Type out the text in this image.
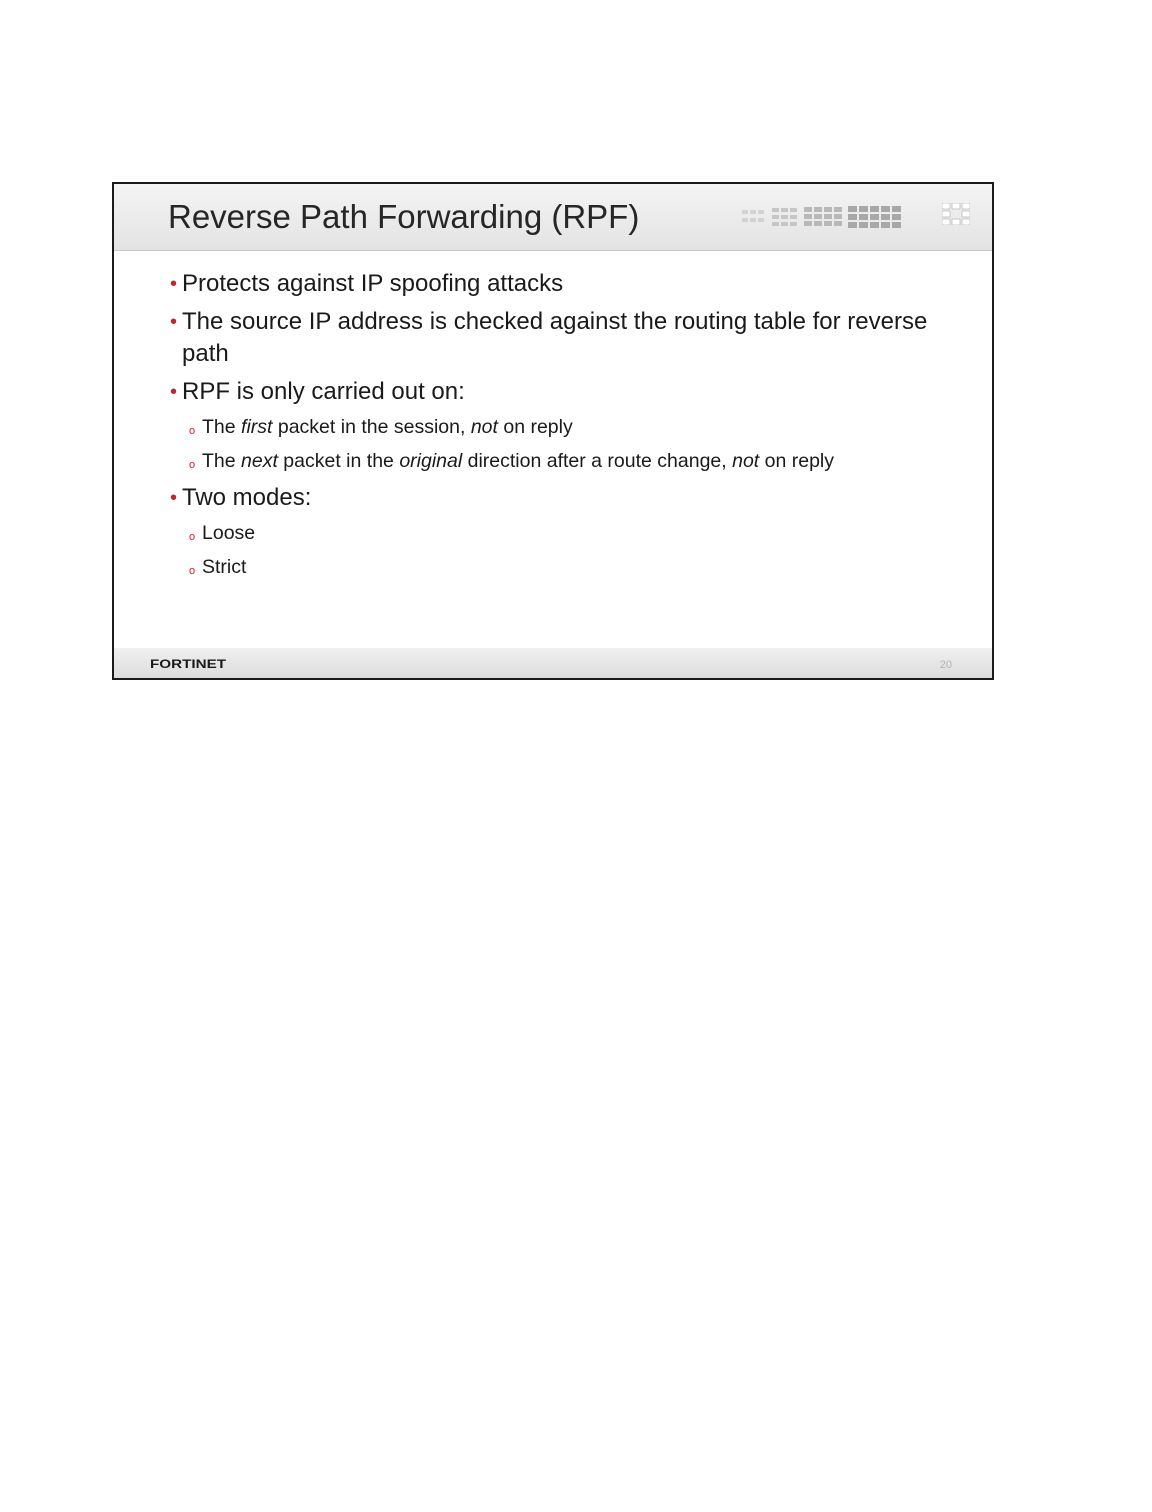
Reverse Path Forwarding (RPF)
• Protects against IP spoofing attacks
• The source IP address is checked against the routing table for reverse path
• RPF is only carried out on:
o The first packet in the session, not on reply
o The next packet in the original direction after a route change, not on reply
• Two modes:
o Loose
o Strict
FORTINET	20
